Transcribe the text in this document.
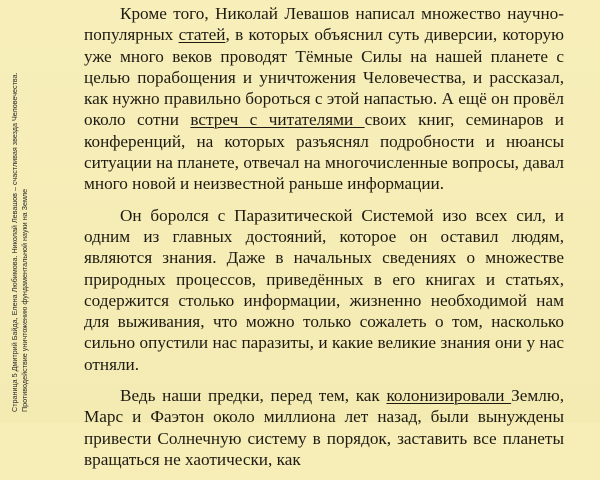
Страница 5 Дмитрий Байда, Елена Любимова. Николай Левашов – счастливая звезда Человечества. Противодействие уничтожению фундаментальной науки на Земле

Кроме того, Николай Левашов написал множество научно-популярных статей, в которых объяснил суть диверсии, которую уже много веков проводят Тёмные Силы на нашей планете с целью порабощения и уничтожения Человечества, и рассказал, как нужно правильно бороться с этой напастью. А ещё он провёл около сотни встреч с читателями своих книг, семинаров и конференций, на которых разъяснял подробности и нюансы ситуации на планете, отвечал на многочисленные вопросы, давал много новой и неизвестной раньше информации.

Он боролся с Паразитической Системой изо всех сил, и одним из главных достояний, которое он оставил людям, являются знания. Даже в начальных сведениях о множестве природных процессов, приведённых в его книгах и статьях, содержится столько информации, жизненно необходимой нам для выживания, что можно только сожалеть о том, насколько сильно опустили нас паразиты, и какие великие знания они у нас отняли.

Ведь наши предки, перед тем, как колонизировали Землю, Марс и Фаэтон около миллиона лет назад, были вынуждены привести Солнечную систему в порядок, заставить все планеты вращаться не хаотически, как
